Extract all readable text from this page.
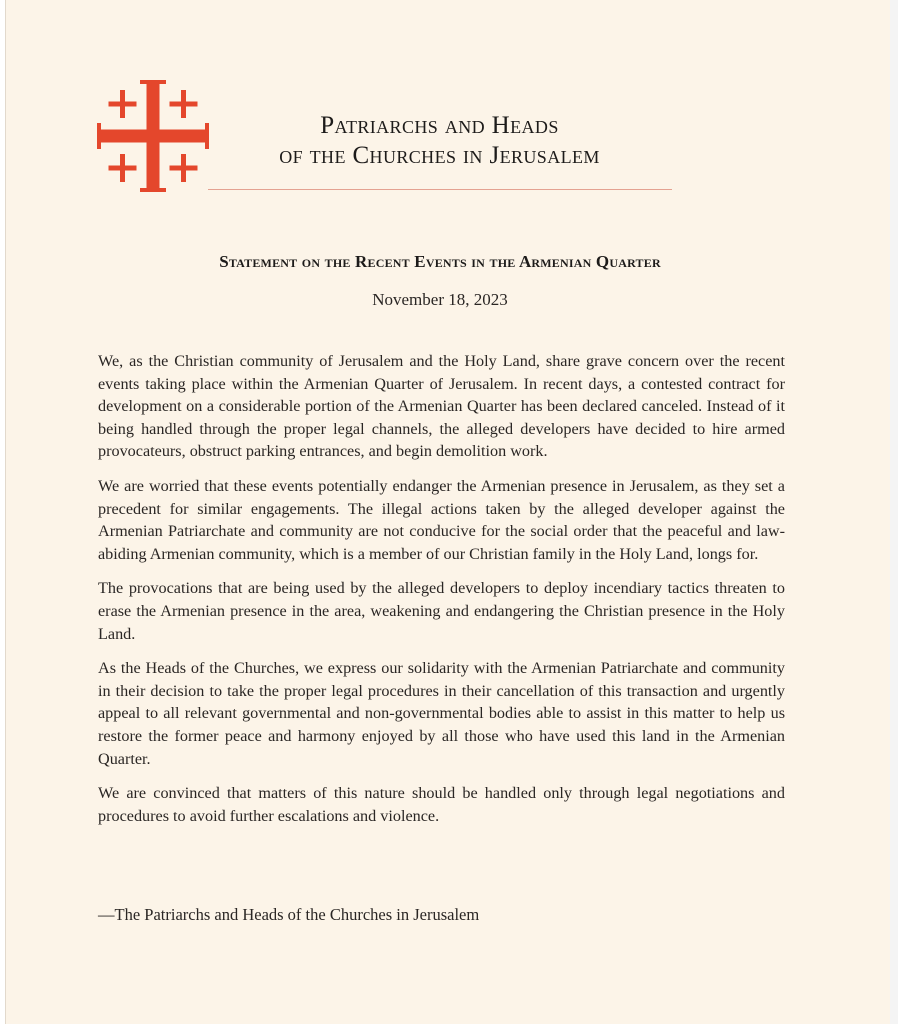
Patriarchs and Heads
of the Churches in Jerusalem
Statement on the Recent Events in the Armenian Quarter
November 18, 2023

We, as the Christian community of Jerusalem and the Holy Land, share grave concern over the recent events taking place within the Armenian Quarter of Jerusalem. In recent days, a contested contract for development on a considerable portion of the Armenian Quarter has been declared canceled. Instead of it being handled through the proper legal channels, the alleged developers have decided to hire armed provocateurs, obstruct parking entrances, and begin demolition work.

We are worried that these events potentially endanger the Armenian presence in Jerusalem, as they set a precedent for similar engagements. The illegal actions taken by the alleged developer against the Armenian Patriarchate and community are not conducive for the social order that the peaceful and law-abiding Armenian community, which is a member of our Christian family in the Holy Land, longs for.

The provocations that are being used by the alleged developers to deploy incendiary tactics threaten to erase the Armenian presence in the area, weakening and endangering the Christian presence in the Holy Land.

As the Heads of the Churches, we express our solidarity with the Armenian Patriarchate and community in their decision to take the proper legal procedures in their cancellation of this transaction and urgently appeal to all relevant governmental and non-governmental bodies able to assist in this matter to help us restore the former peace and harmony enjoyed by all those who have used this land in the Armenian Quarter.

We are convinced that matters of this nature should be handled only through legal negotiations and procedures to avoid further escalations and violence.

—The Patriarchs and Heads of the Churches in Jerusalem
